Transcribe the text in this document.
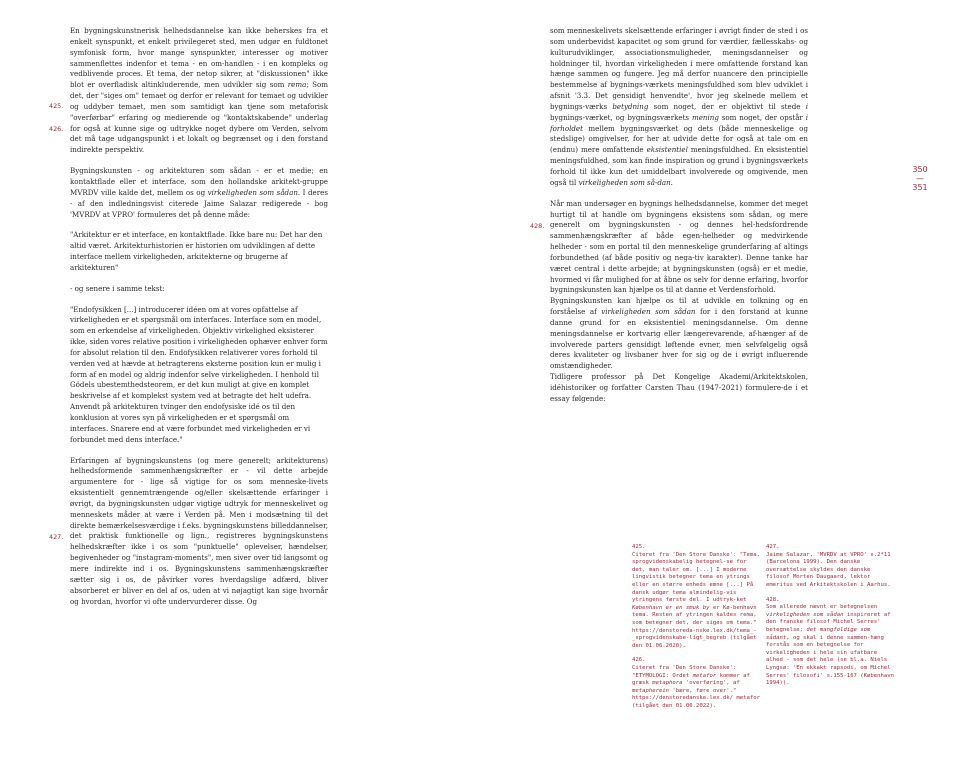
En bygningskunstnerisk helhedsdannelse kan ikke beherskes fra et enkelt synspunkt, et enkelt privilegeret sted, men udgør en fuldtonet symfonisk form, hvor mange synspunkter, interesser og motiver sammenflettes indenfor et tema - en om-handlen - i en kompleks og vedblivende proces. Et tema, der netop sikrer, at "diskussionen" ikke blot er overfladisk altinkluderende, men udvikler sig som rema; Som det, der "siges om" temaet og derfor er relevant for temaet og udvikler og uddyber temaet, men som samtidigt kan tjene som metaforisk "overførbar" erfaring og medierende og "kontaktskabende" underlag for også at kunne sige og udtrykke noget dybere om Verden, selvom det må tage udgangspunkt i et lokalt og begrænset og i den forstand indirekte perspektiv.

Bygningskunsten - og arkitekturen som sådan - er et medie; en kontaktflade eller et interface, som den hollandske arkitekt-gruppe MVRDV ville kalde det, mellem os og virkeligheden som sådan. I deres - af den indledningsvist citerede Jaime Salazar redigerede - bog 'MVRDV at VPRO' formuleres det på denne måde:

"Arkitektur er et interface, en kontaktflade. Ikke bare nu: Det har den altid været. Arkitekturhistorien er historien om udviklingen af dette interface mellem virkeligheden, arkitekterne og brugerne af arkitekturen"

- og senere i samme tekst:

"Endofysikken [...] introducerer idéen om at vores opfattelse af virkeligheden er et spørgsmål om interfaces. Interface som en model, som en erkendelse af virkeligheden. Objektiv virkelighed eksisterer ikke, siden vores relative position i virkeligheden ophæver enhver form for absolut relation til den. Endofysikken relativerer vores forhold til verden ved at hævde at betragterens eksterne position kun er mulig i form af en model og aldrig indenfor selve virkeligheden. I henhold til Gödels ubestemthedsteorem, er det kun muligt at give en komplet beskrivelse af et komplekst system ved at betragte det helt udefra. Anvendt på arkitekturen tvinger den endofysiske idé os til den konklusion at vores syn på virkeligheden er et spørgsmål om interfaces. Snarere end at være forbundet med virkeligheden er vi forbundet med dens interface."

Erfaringen af bygningskunstens (og mere generelt; arkitekturens) helhedsformende sammenhængskræfter er - vil dette arbejde argumentere for - lige så vigtige for os som menneske-livets eksistentielt gennemtrængende og/eller skelsættende erfaringer i øvrigt, da bygningskunsten udgør vigtige udtryk for menneskelivet og menneskets måder at være i Verden på. Men i modsætning til det direkte bemærkelsesværdige i f.eks. bygningskunstens billeddannelser, det praktisk funktionelle og lign., registreres bygningskunstens helhedskræfter ikke i os som "punktuelle" oplevelser, hændelser, begivenheder og "instagram-moments", men siver over tid langsomt og mere indirekte ind i os. Bygningskunstens sammenhængskræfter sætter sig i os, de påvirker vores hverdagslige adfærd, bliver absorberet er bliver en del af os, uden at vi nøjagtigt kan sige hvornår og hvordan, hvorfor vi ofte undervurderer disse. Og

425.
426.
427.
428.

som menneskelivets skelsættende erfaringer i øvrigt finder de sted i os som underbevidst kapacitet og som grund for værdier, fællesskabs- og kulturudviklinger, associationsmuligheder, meningsdannelser og holdninger til, hvordan virkeligheden i mere omfattende forstand kan hænge sammen og fungere. Jeg må derfor nuancere den principielle bestemmelse af bygnings-værkets meningsfuldhed som blev udviklet i afsnit '3.3. Det gensidigt henvendte', hvor jeg skelnede mellem et bygnings-værks betydning som noget, der er objektivt til stede i bygnings-værket, og bygningsværkets mening som noget, der opstår i forholdet mellem bygningsværket og dets (både menneskelige og stedslige) omgivelser, for her at udvide dette for også at tale om en (endnu) mere omfattende eksistentiel meningsfuldhed. En eksistentiel meningsfuldhed, som kan finde inspiration og grund i bygningsværkets forhold til ikke kun det umiddelbart involverede og omgivende, men også til virkeligheden som så-dan.

Når man undersøger en bygnings helhedsdannelse, kommer det meget hurtigt til at handle om bygningens eksistens som sådan, og mere generelt om bygningskunsten - og dennes hel-hedsfordrende sammenhængskræfter af både egen-helheder og medvirkende helheder - som en portal til den menneskelige grunderfaring af altings forbundethed (af både positiv og nega-tiv karakter). Denne tanke har været central i dette arbejde; at bygningskunsten (også) er et medie, hvormed vi får mulighed for at åbne os selv for denne erfaring, hvorfor bygningskunsten kan hjælpe os til at danne et Verdensforhold.

Bygningskunsten kan hjælpe os til at udvikle en tolkning og en forståelse af virkeligheden som sådan for i den forstand at kunne danne grund for en eksistentiel meningsdannelse. Om denne meningsdannelse er kortvarig eller længerevarende, af-hænger af de involverede parters gensidigt løftende evner, men selvfølgelig også deres kvaliteter og livsbaner hver for sig og de i øvrigt influerende omstændigheder.

Tidligere professor på Det Kongelige Akademi/Arkitektskolen, idéhistoriker og forfatter Carsten Thau (1947-2021) formulere-de i et essay følgende:

350
—
351
425.
Citeret fra 'Den Store Danske': "Tema, sprogvidenskabelig betegnel-se for det, man taler om. [...] I moderne lingvistik betegner tema en ytrings eller en større enheds emne [...] På dansk udgør tema almindelig-vis ytringens første del. I udtryk-ket København er en smuk by er Kø-benhavn tema. Resten af ytringen kaldes rema, som betegner det, der siges om tema." https://denstoreda-nske.lex.dk/tema_-_sprogvidenskabe-ligt_begreb (tilgået den 01.06.2020).
426.
Citeret fra 'Den Store Danske': "ETYMOLOGI: Ordet metafor kommer af græsk metaphora 'overføring', af metapherein 'bære, føre over'." https://denstoredanske.lex.dk/ metafor (tilgået den 01.06.2022).
427.
Jaime Salazar, 'MVRDV at VPRO' s.2*11 (Barcelona 1999). Den danske oversættelse skyldes den danske filosof Morten Daugaard, lektor emeritus ved Arkitektskolen i Aarhus.
428.
Som allerede nævnt er betegnelsen virkeligheden som sådan inspireret af den franske filosof Michel Serres' betegnelse; det mangfoldige som sådant, og skal i denne sammen-hæng forstås som en betegnelse for virkeligheden i hele sin ufatbare alhed - som det hele (se bl.a. Niels Lyngsø: 'En ekkakt rapsodi, om Michel Serres' filosofi' s.155-167 (København 1994)).
